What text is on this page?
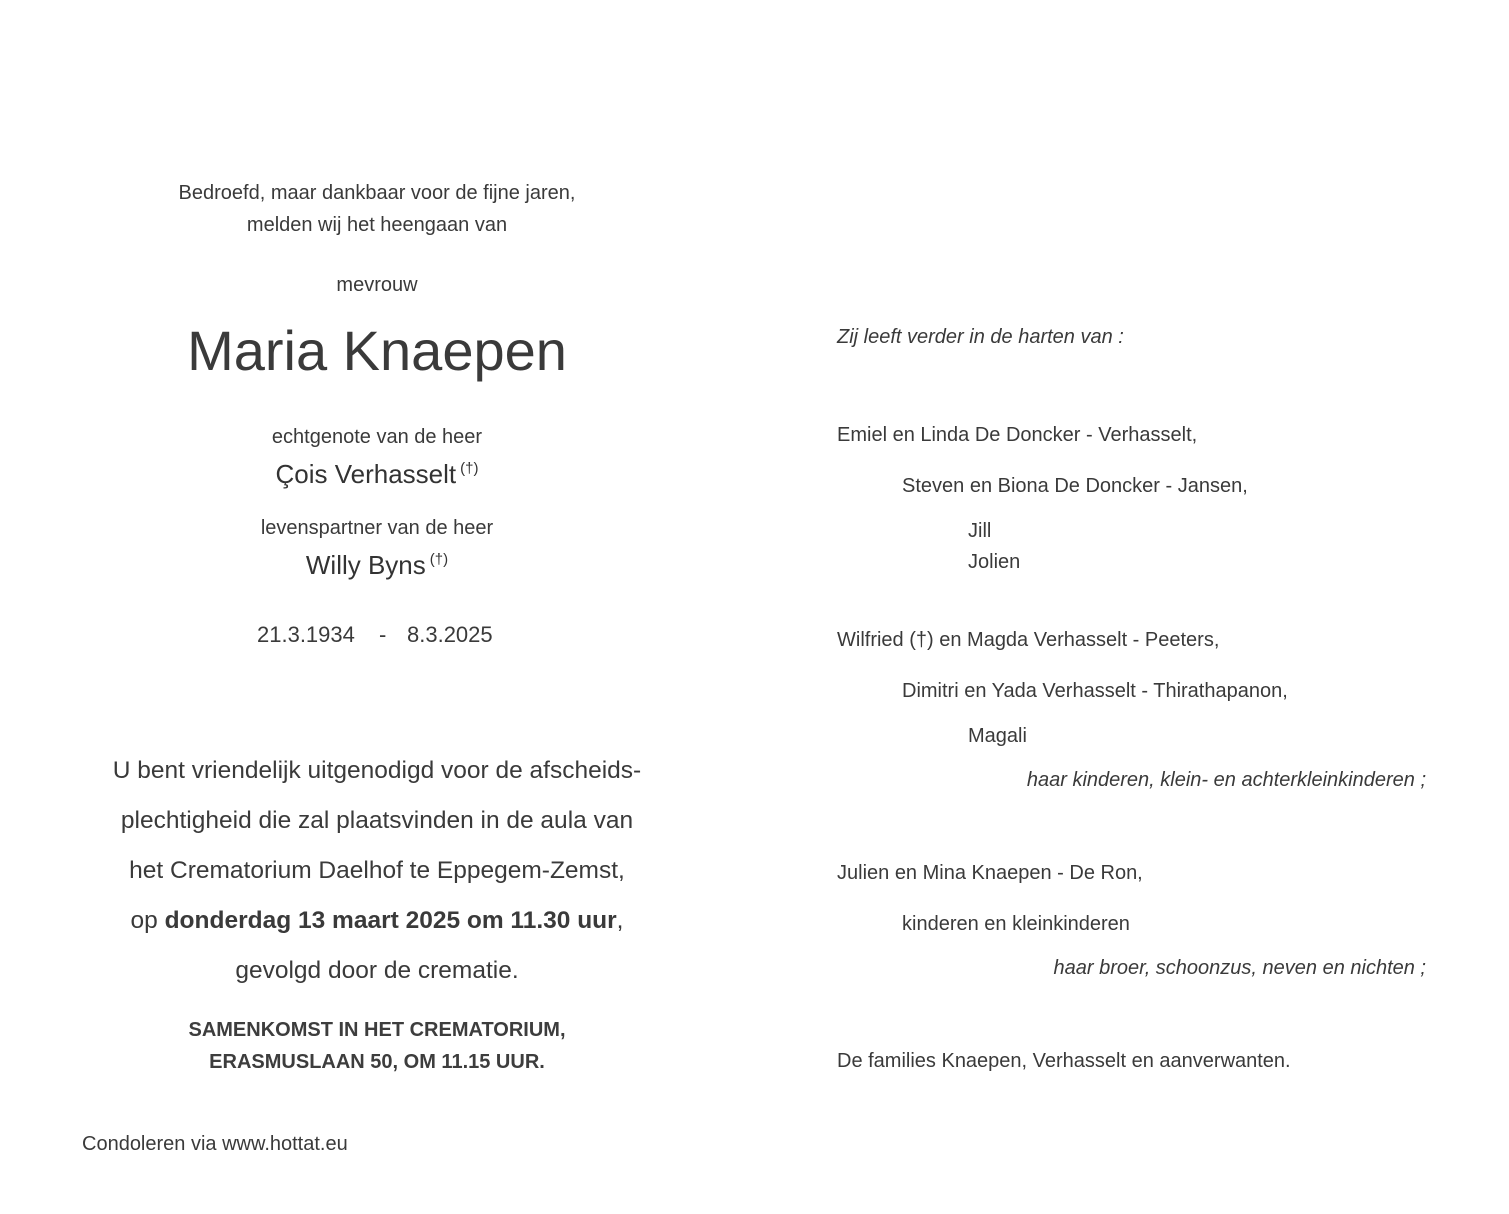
Bedroefd, maar dankbaar voor de fijne jaren,
melden wij het heengaan van
mevrouw
Maria Knaepen
echtgenote van de heer
Çois Verhasselt (†)
levenspartner van de heer
Willy Byns (†)
21.3.1934 - 8.3.2025
U bent vriendelijk uitgenodigd voor de afscheids-
plechtigheid die zal plaatsvinden in de aula van
het Crematorium Daelhof te Eppegem-Zemst,
op donderdag 13 maart 2025 om 11.30 uur,
gevolgd door de crematie.
SAMENKOMST IN HET CREMATORIUM,
ERASMUSLAAN 50, OM 11.15 UUR.
Condoleren via www.hottat.eu
Zij leeft verder in de harten van :
Emiel en Linda De Doncker - Verhasselt,
Steven en Biona De Doncker - Jansen,
Jill
Jolien
Wilfried (†) en Magda Verhasselt - Peeters,
Dimitri en Yada Verhasselt - Thirathapanon,
Magali
haar kinderen, klein- en achterkleinkinderen ;
Julien en Mina Knaepen - De Ron,
kinderen en kleinkinderen
haar broer, schoonzus, neven en nichten ;
De families Knaepen, Verhasselt en aanverwanten.
